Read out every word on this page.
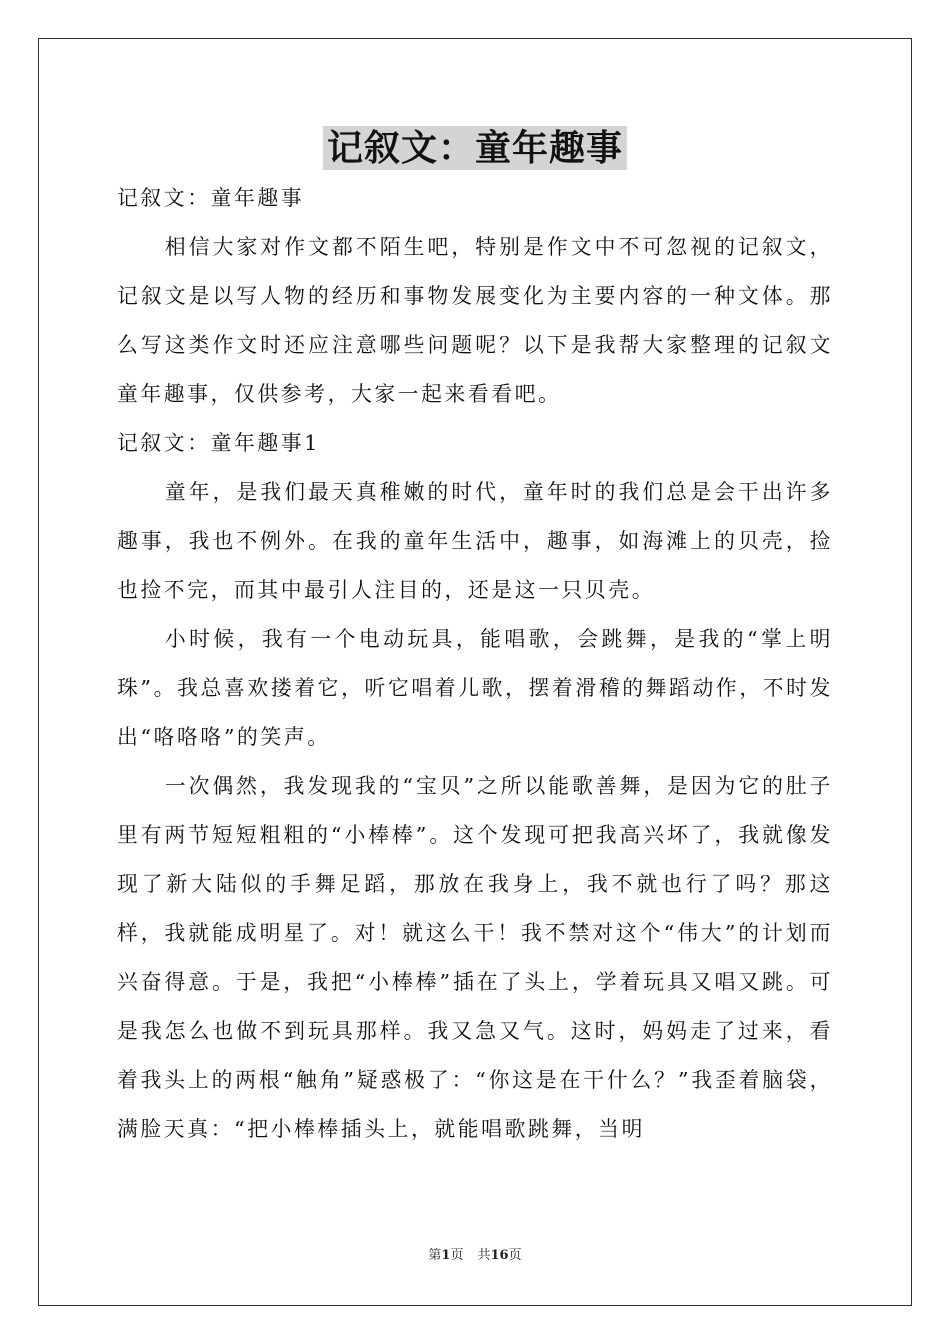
记叙文：童年趣事

记叙文：童年趣事

相信大家对作文都不陌生吧，特别是作文中不可忽视的记叙文，记叙文是以写人物的经历和事物发展变化为主要内容的一种文体。那么写这类作文时还应注意哪些问题呢？以下是我帮大家整理的记叙文童年趣事，仅供参考，大家一起来看看吧。

记叙文：童年趣事1

童年，是我们最天真稚嫩的时代，童年时的我们总是会干出许多趣事，我也不例外。在我的童年生活中，趣事，如海滩上的贝壳，捡也捡不完，而其中最引人注目的，还是这一只贝壳。

小时候，我有一个电动玩具，能唱歌，会跳舞，是我的“掌上明珠”。我总喜欢搂着它，听它唱着儿歌，摆着滑稽的舞蹈动作，不时发出“咯咯咯”的笑声。

一次偶然，我发现我的“宝贝”之所以能歌善舞，是因为它的肚子里有两节短短粗粗的“小棒棒”。这个发现可把我高兴坏了，我就像发现了新大陆似的手舞足蹈，那放在我身上，我不就也行了吗？那这样，我就能成明星了。对！就这么干！我不禁对这个“伟大”的计划而兴奋得意。于是，我把“小棒棒”插在了头上，学着玩具又唱又跳。可是我怎么也做不到玩具那样。我又急又气。这时，妈妈走了过来，看着我头上的两根“触角”疑惑极了：“你这是在干什么？”我歪着脑袋，满脸天真：“把小棒棒插头上，就能唱歌跳舞，当明

第1页 共16页
